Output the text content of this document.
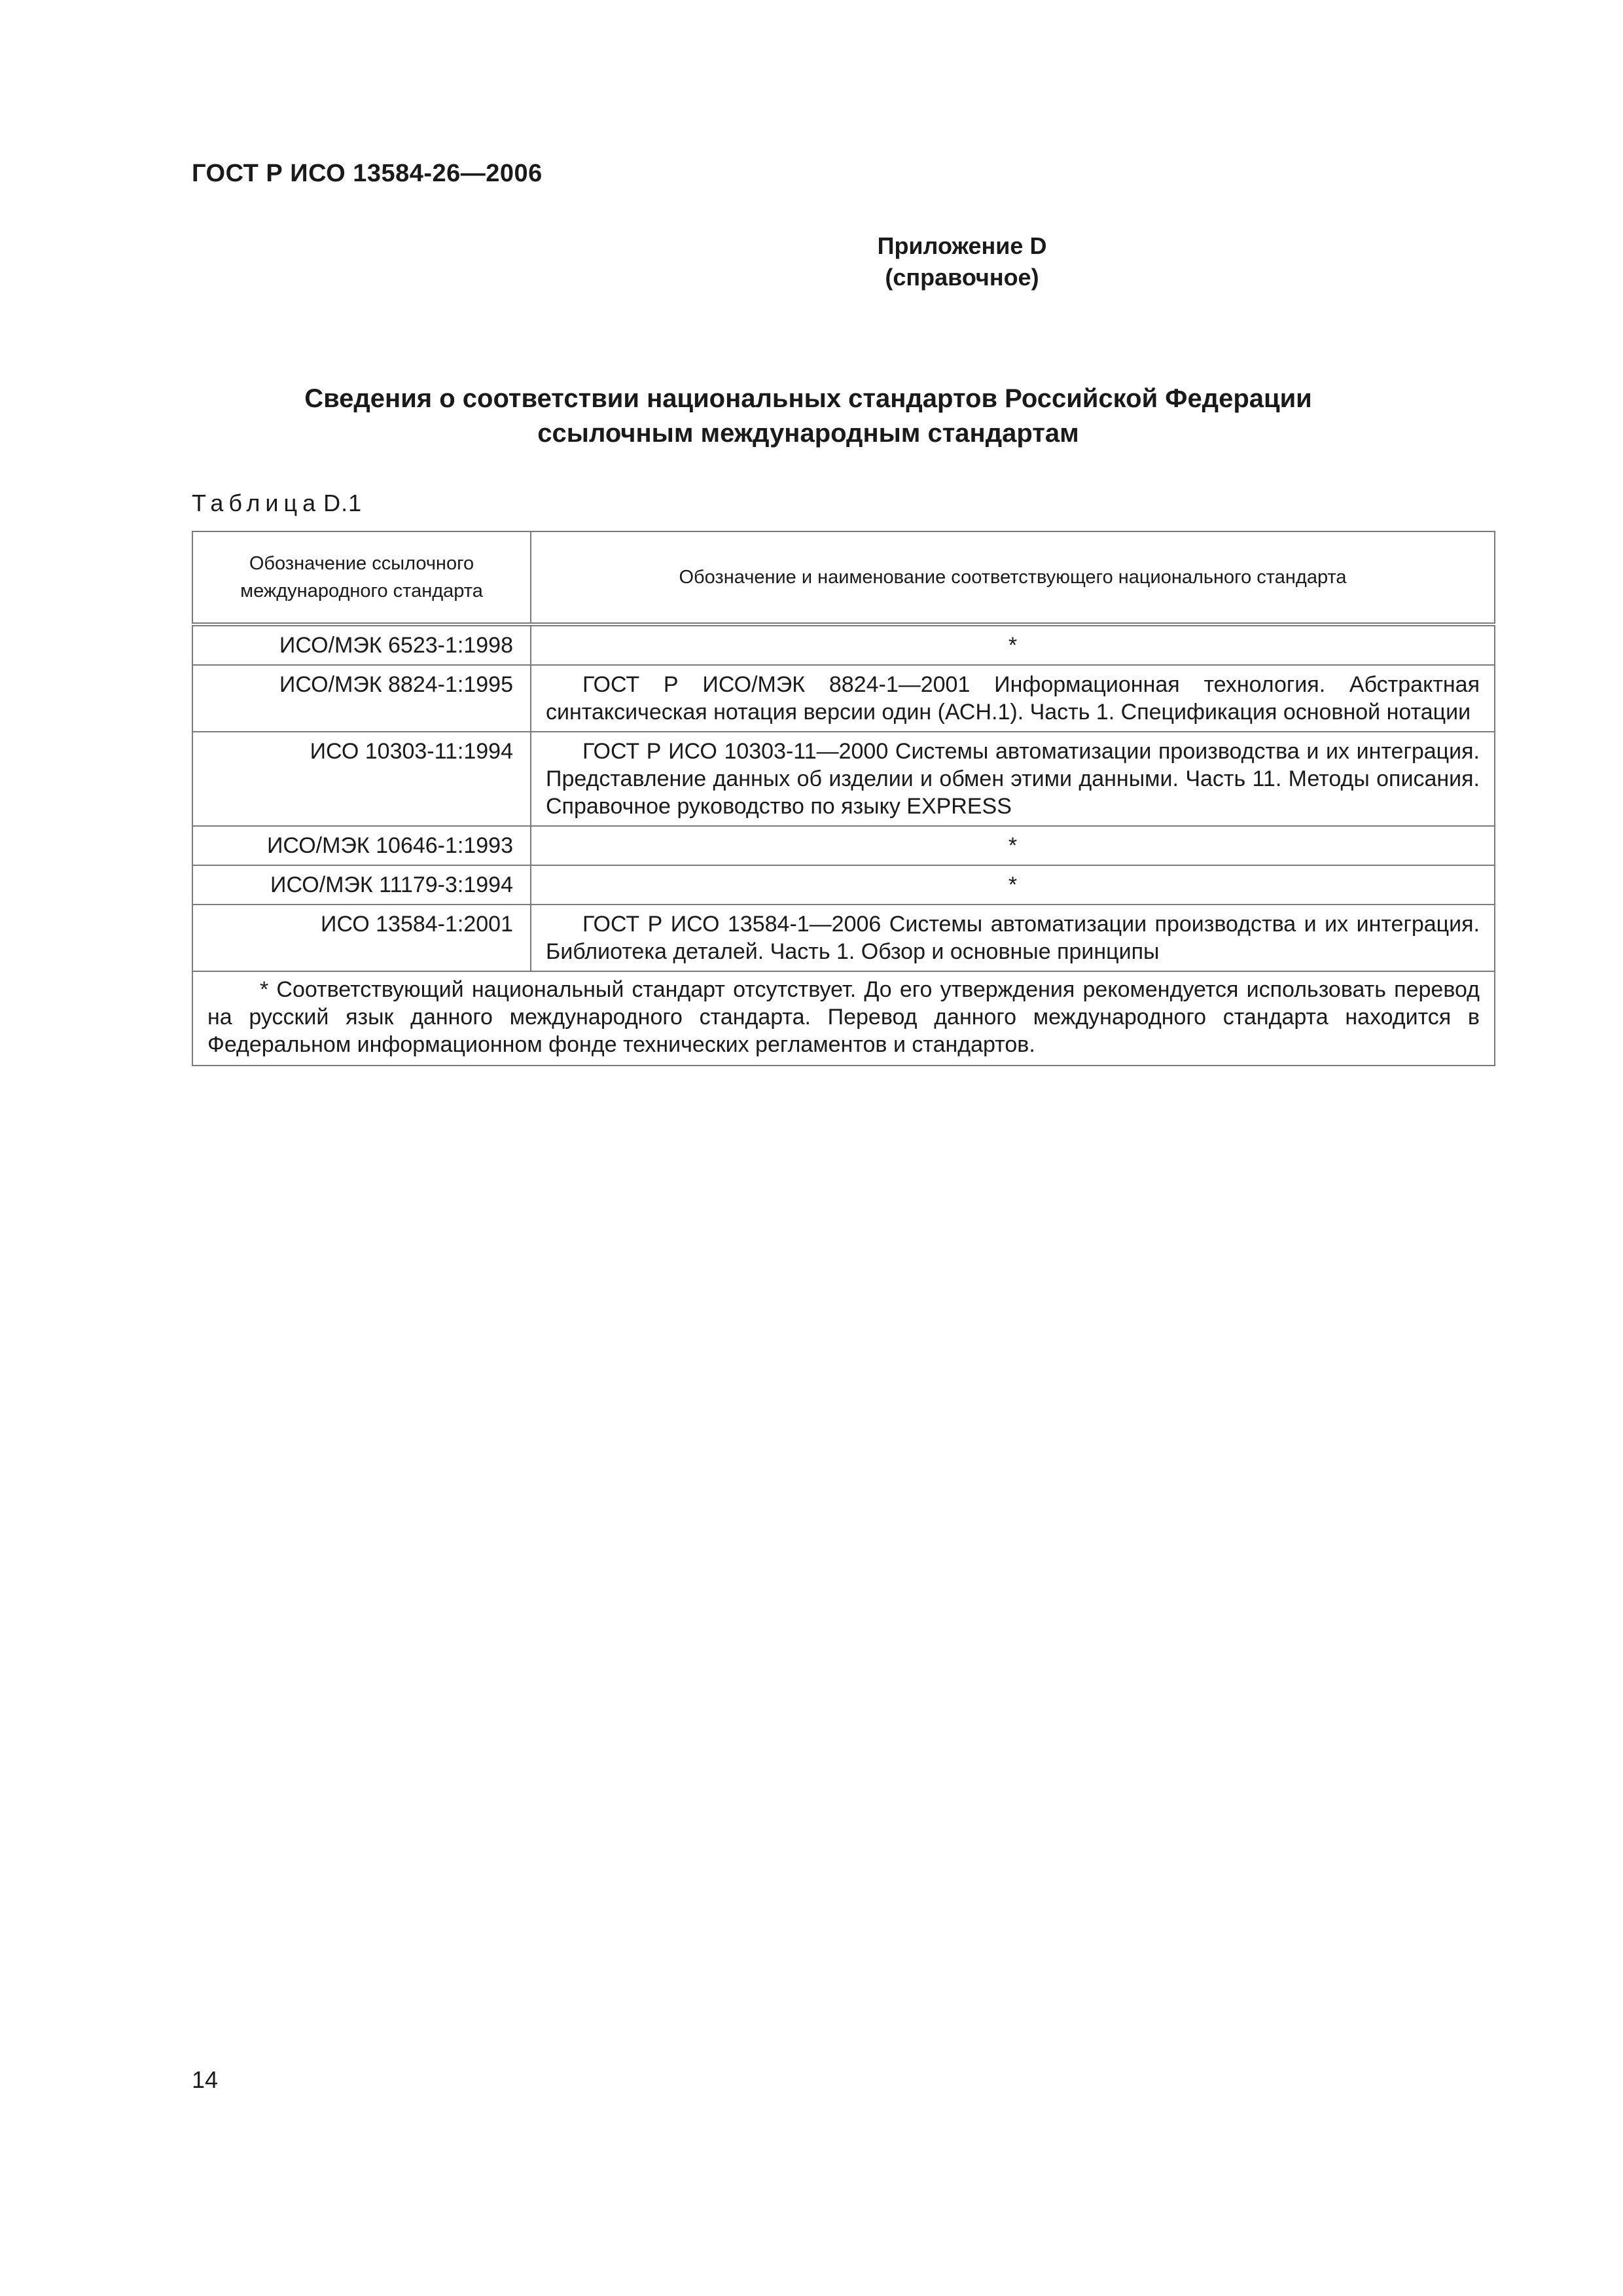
ГОСТ Р ИСО 13584-26—2006
Приложение D
(справочное)
Сведения о соответствии национальных стандартов Российской Федерации
ссылочным международным стандартам
Таблица D.1
Обозначение ссылочного международного стандарта	Обозначение и наименование соответствующего национального стандарта
ИСО/МЭК 6523-1:1998	*
ИСО/МЭК 8824-1:1995	ГОСТ Р ИСО/МЭК 8824-1—2001 Информационная технология. Абстрактная синтаксическая нотация версии один (АСН.1). Часть 1. Спецификация основной нотации
ИСО 10303-11:1994	ГОСТ Р ИСО 10303-11—2000 Системы автоматизации производства и их интеграция. Представление данных об изделии и обмен этими данными. Часть 11. Методы описания. Справочное руководство по языку EXPRESS
ИСО/МЭК 10646-1:1993	*
ИСО/МЭК 11179-3:1994	*
ИСО 13584-1:2001	ГОСТ Р ИСО 13584-1—2006 Системы автоматизации производства и их интеграция. Библиотека деталей. Часть 1. Обзор и основные принципы
* Соответствующий национальный стандарт отсутствует. До его утверждения рекомендуется использовать перевод на русский язык данного международного стандарта. Перевод данного международного стандарта находится в Федеральном информационном фонде технических регламентов и стандартов.	
14
